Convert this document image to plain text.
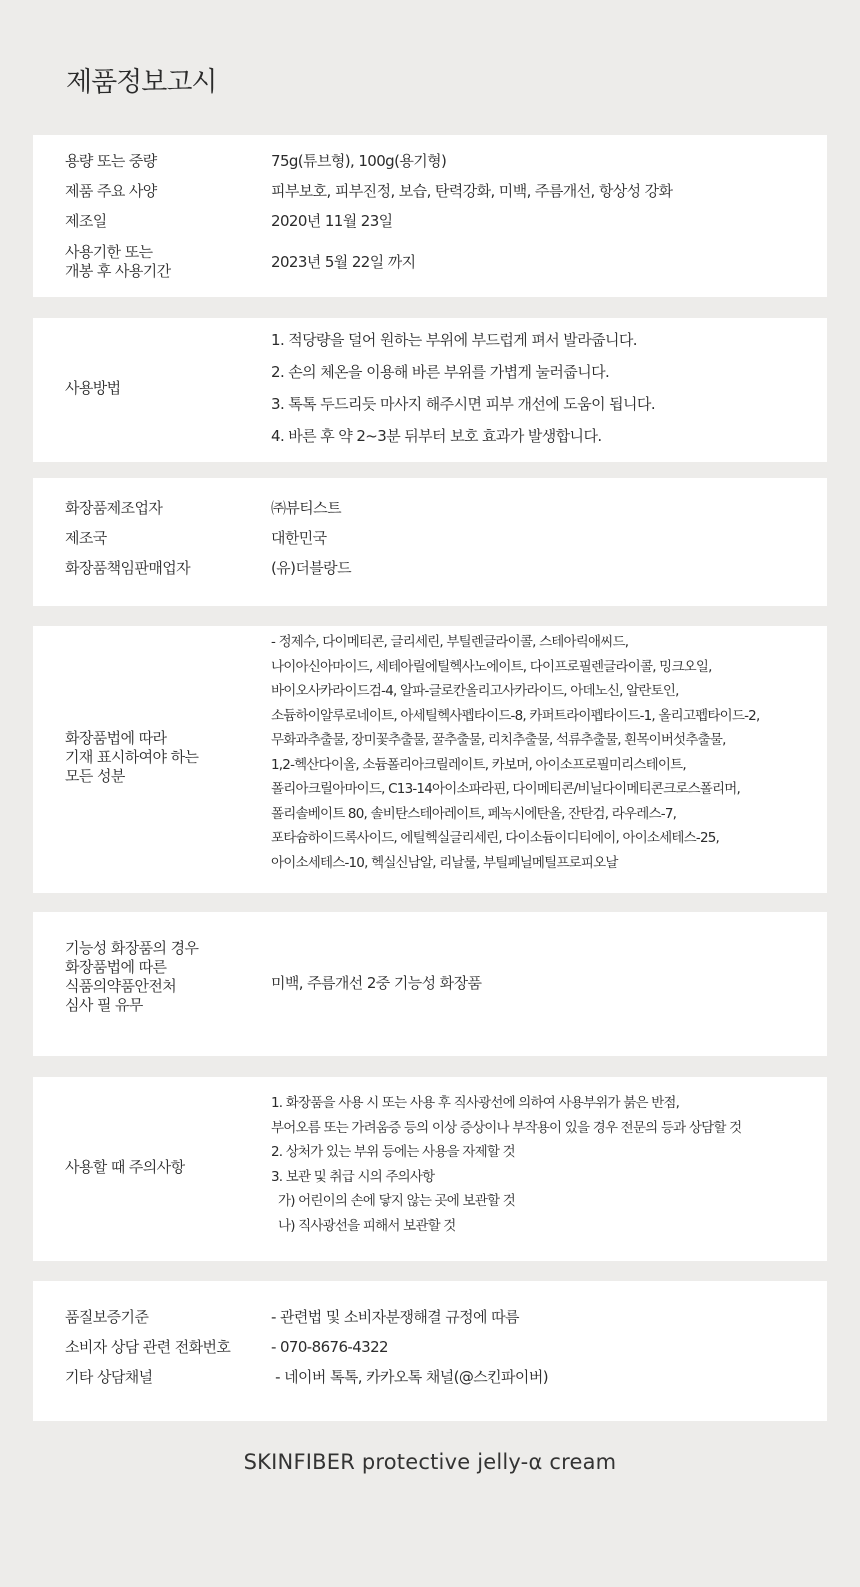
제품정보고시
용량 또는 중량	75g(튜브형), 100g(용기형)
제품 주요 사양	피부보호, 피부진정, 보습, 탄력강화, 미백, 주름개선, 항상성 강화
제조일	2020년 11월 23일
사용기한 또는
개봉 후 사용기간	2023년 5월 22일 까지
사용방법
1. 적당량을 덜어 원하는 부위에 부드럽게 펴서 발라줍니다.
2. 손의 체온을 이용해 바른 부위를 가볍게 눌러줍니다.
3. 톡톡 두드리듯 마사지 해주시면 피부 개선에 도움이 됩니다.
4. 바른 후 약 2~3분 뒤부터 보호 효과가 발생합니다.
화장품제조업자	㈜뷰티스트
제조국	대한민국
화장품책임판매업자	(유)더블랑드
화장품법에 따라
기재 표시하여야 하는
모든 성분
- 정제수, 다이메티콘, 글리세린, 부틸렌글라이콜, 스테아릭애씨드,
나이아신아마이드, 세테아릴에틸헥사노에이트, 다이프로필렌글라이콜, 밍크오일,
바이오사카라이드검-4, 알파-글로칸올리고사카라이드, 아데노신, 알란토인,
소듐하이알루로네이트, 아세틸헥사펩타이드-8, 카퍼트라이펩타이드-1, 올리고펩타이드-2,
무화과추출물, 장미꽃추출물, 꿀추출물, 리치추출물, 석류추출물, 흰목이버섯추출물,
1,2-헥산다이올, 소듐폴리아크릴레이트, 카보머, 아이소프로필미리스테이트,
폴리아크릴아마이드, C13-14아이소파라핀, 다이메티콘/비닐다이메티콘크로스폴리머,
폴리솔베이트 80, 솔비탄스테아레이트, 페녹시에탄올, 잔탄검, 라우레스-7,
포타슘하이드록사이드, 에틸헥실글리세린, 다이소듐이디티에이, 아이소세테스-25,
아이소세테스-10, 헥실신남알, 리날룰, 부틸페닐메틸프로피오날
기능성 화장품의 경우
화장품법에 따른
식품의약품안전처
심사 필 유무
미백, 주름개선 2중 기능성 화장품
사용할 때 주의사항
1. 화장품을 사용 시 또는 사용 후 직사광선에 의하여 사용부위가 붉은 반점,
부어오름 또는 가려움증 등의 이상 증상이나 부작용이 있을 경우 전문의 등과 상담할 것
2. 상처가 있는 부위 등에는 사용을 자제할 것
3. 보관 및 취급 시의 주의사항
가) 어린이의 손에 닿지 않는 곳에 보관할 것
나) 직사광선을 피해서 보관할 것
품질보증기준	- 관련법 및 소비자분쟁해결 규정에 따름
소비자 상담 관련 전화번호	- 070-8676-4322
기타 상담채널	- 네이버 톡톡, 카카오톡 채널(@스킨파이버)
SKINFIBER protective jelly-α cream
